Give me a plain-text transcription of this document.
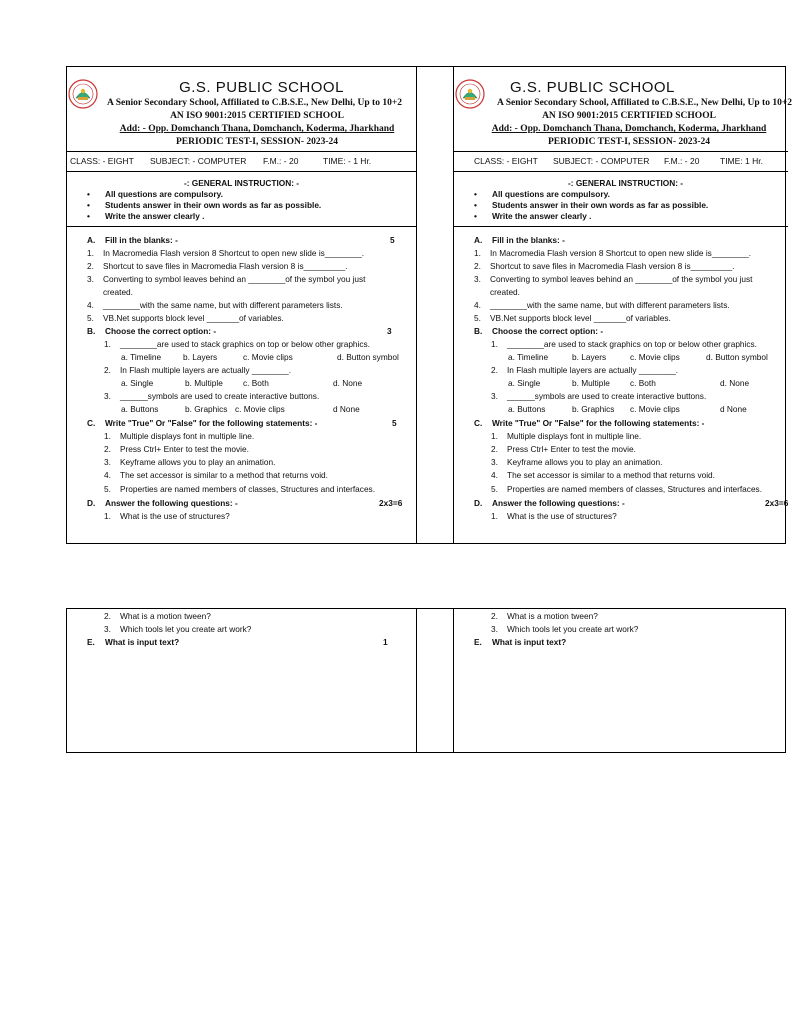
G.S. PUBLIC SCHOOL
A Senior Secondary School, Affiliated to C.B.S.E., New Delhi, Up to 10+2
AN ISO 9001:2015 CERTIFIED SCHOOL
Add: - Opp. Domchanch Thana, Domchanch, Koderma, Jharkhand
PERIODIC TEST-I, SESSION- 2023-24
CLASS: - EIGHT SUBJECT: - COMPUTER F.M.: - 20	TIME: - 1 Hr.
-: GENERAL INSTRUCTION: -
• All questions are compulsory.
• Students answer in their own words as far as possible.
• Write the answer clearly .
A. Fill in the blanks: -	5
1. In Macromedia Flash version 8 Shortcut to open new slide is________.
2. Shortcut to save files in Macromedia Flash version 8 is_________.
3. Converting to symbol leaves behind an ________of the symbol you just
created.
4. ________with the same name, but with different parameters lists.
5. VB.Net supports block level _______of variables.
B. Choose the correct option: -	3
1. ________are used to stack graphics on top or below other graphics.
a. Timeline	b. Layers	c. Movie clips	d. Button symbol
2. In Flash multiple layers are actually ________.
a. Single	b. Multiple c. Both	d. None
3. ______symbols are used to create interactive buttons.
a. Buttons	b. Graphics c. Movie clips	d None
C. Write "True" Or "False" for the following statements: -	5
1. Multiple displays font in multiple line.
2. Press Ctrl+ Enter to test the movie.
3. Keyframe allows you to play an animation.
4. The set accessor is similar to a method that returns void.
5. Properties are named members of classes, Structures and interfaces.
D. Answer the following questions: -	2x3=6
1. What is the use of structures?
G.S. PUBLIC SCHOOL
A Senior Secondary School, Affiliated to C.B.S.E., New Delhi, Up to 10+2
AN ISO 9001:2015 CERTIFIED SCHOOL
Add: - Opp. Domchanch Thana, Domchanch, Koderma, Jharkhand
PERIODIC TEST-I, SESSION- 2023-24
CLASS: - EIGHT SUBJECT: - COMPUTER F.M.: - 20 TIME: 1 Hr.
-: GENERAL INSTRUCTION: -
• All questions are compulsory.
• Students answer in their own words as far as possible.
• Write the answer clearly .
A. Fill in the blanks: -
1. In Macromedia Flash version 8 Shortcut to open new slide is________.
2. Shortcut to save files in Macromedia Flash version 8 is_________.
3. Converting to symbol leaves behind an ________of the symbol you just
created.
4. ________with the same name, but with different parameters lists.
5. VB.Net supports block level _______of variables.
B. Choose the correct option: -
1. ________are used to stack graphics on top or below other graphics.
a. Timeline	b. Layers	c. Movie clips	d. Button symbol
2. In Flash multiple layers are actually ________.
a. Single	b. Multiple c. Both	d. None
3. ______symbols are used to create interactive buttons.
a. Buttons	b. Graphics c. Movie clips	d None
C. Write "True" Or "False" for the following statements: -
1. Multiple displays font in multiple line.
2. Press Ctrl+ Enter to test the movie.
3. Keyframe allows you to play an animation.
4. The set accessor is similar to a method that returns void.
5. Properties are named members of classes, Structures and interfaces.
D. Answer the following questions: -	2x3=6
1. What is the use of structures?
2. What is a motion tween?
3. Which tools let you create art work?
E. What is input text?	1
2. What is a motion tween?
3. Which tools let you create art work?
E. What is input text?
